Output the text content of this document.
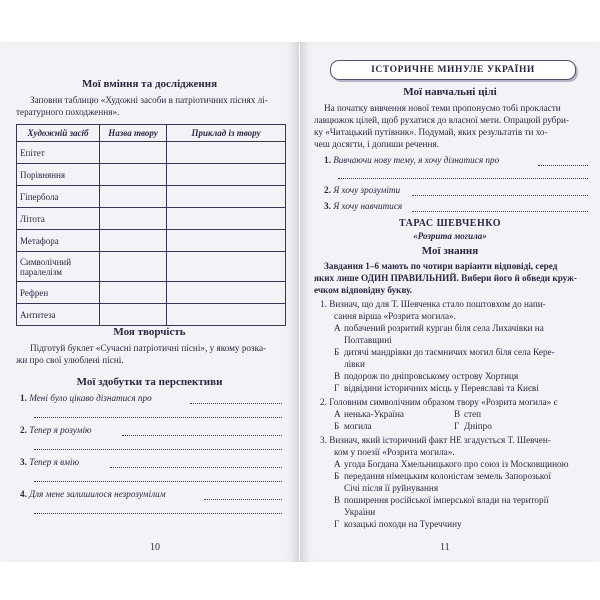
Мої вміння та дослідження
Заповни таблицю «Художні засоби в патріотичних піснях лі-
тературного походження».
Художній засіб	Назва твору	Приклад із твору
Епітет		
Порівняння		
Гіпербола		
Літота		
Метафора		

Символічний
паралелізм		

Рефрен		
Антитеза		
Моя творчість
Підготуй буклет «Сучасні патріотичні пісні», у якому розка-
жи про свої улюблені пісні.
Мої здобутки та перспективи
1. Мені було цікаво дізнатися про
2. Тепер я розумію
3. Тепер я вмію
4. Для мене залишилося незрозумілим
10
ІСТОРИЧНЕ МИНУЛЕ УКРАЇНИ
Мої навчальні цілі
На початку вивчення нової теми пропонуємо тобі прокласти
лавцюжок цілей, щоб рухатися до власної мети. Опрацюй рубри-
ку «Читацький путівник». Подумай, яких результатів ти хо-
чеш досягти, і допиши речення.
1. Вивчаючи нову тему, я хочу дізнатися про
2. Я хочу зрозуміти
3. Я хочу навчитися
ТАРАС ШЕВЧЕНКО
«Розрита могила»
Мої знання
Завдання 1–6 мають по чотири варіанти відповіді, серед
яких лише ОДИН ПРАВИЛЬНИЙ. Вибери його й обведи круж-
ечком відповідну букву.
1. Визнач, що для Т. Шевченка стало поштовхом до напи-
сання вірша «Розрита могила».
А побачений розритий курган біля села Лихачівки на
Полтавщині
Б дитячі мандрівки до таємничих могил біля села Кере-
лівки
В подорож по дніпровському острову Хортиця
Г відвідини історичних місць у Переяславі та Києві
2. Головним символічним образом твору «Розрита могила» є
А ненька-Україна
Б могила
В степ
Г Дніпро
3. Визнач, який історичний факт НЕ згадується Т. Шевчен-
ком у поезії «Розрита могила».
А угода Богдана Хмельницького про союз із Московщиною
Б передання німецьким колоністам земель Запорозької
Січі після її руйнування
В поширення російської імперської влади на території
України
Г козацькі походи на Туреччину
11
